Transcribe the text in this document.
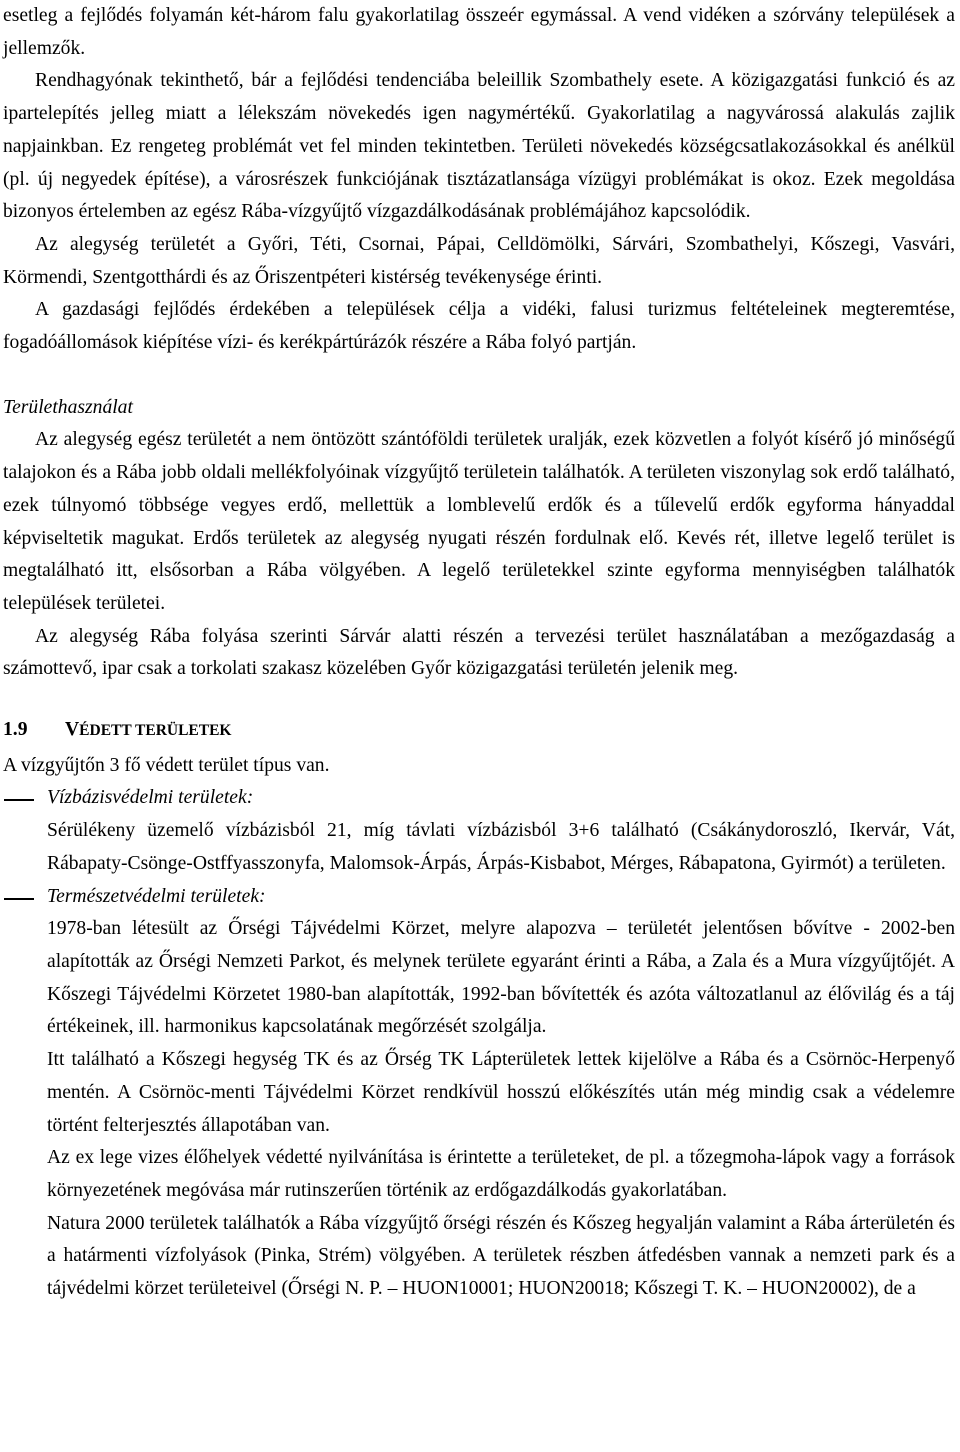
esetleg a fejlődés folyamán két-három falu gyakorlatilag összeér egymással. A vend vidéken a szórvány települések a jellemzők.

Rendhagyónak tekinthető, bár a fejlődési tendenciába beleillik Szombathely esete. A közigazgatási funkció és az ipartelepítés jelleg miatt a lélekszám növekedés igen nagymértékű. Gyakorlatilag a nagyvárossá alakulás zajlik napjainkban. Ez rengeteg problémát vet fel minden tekintetben. Területi növekedés községcsatlakozásokkal és anélkül (pl. új negyedek építése), a városrészek funkciójának tisztázatlansága vízügyi problémákat is okoz. Ezek megoldása bizonyos értelemben az egész Rába-vízgyűjtő vízgazdálkodásának problémájához kapcsolódik.

Az alegység területét a Győri, Téti, Csornai, Pápai, Celldömölki, Sárvári, Szombathelyi, Kőszegi, Vasvári, Körmendi, Szentgotthárdi és az Őriszentpéteri kistérség tevékenysége érinti.

A gazdasági fejlődés érdekében a települések célja a vidéki, falusi turizmus feltételeinek megteremtése, fogadóállomások kiépítése vízi- és kerékpártúrázók részére a Rába folyó partján.

Területhasználat

Az alegység egész területét a nem öntözött szántóföldi területek uralják, ezek közvetlen a folyót kísérő jó minőségű talajokon és a Rába jobb oldali mellékfolyóinak vízgyűjtő területein találhatók. A területen viszonylag sok erdő található, ezek túlnyomó többsége vegyes erdő, mellettük a lomblevelű erdők és a tűlevelű erdők egyforma hányaddal képviseltetik magukat. Erdős területek az alegység nyugati részén fordulnak elő. Kevés rét, illetve legelő terület is megtalálható itt, elsősorban a Rába völgyében. A legelő területekkel szinte egyforma mennyiségben találhatók települések területei.

Az alegység Rába folyása szerinti Sárvár alatti részén a tervezési terület használatában a mezőgazdaság a számottevő, ipar csak a torkolati szakasz közelében Győr közigazgatási területén jelenik meg.

1.9 VÉDETT TERÜLETEK

A vízgyűjtőn 3 fő védett terület típus van.

Vízbázisvédelmi területek:

Sérülékeny üzemelő vízbázisból 21, míg távlati vízbázisból 3+6 található (Csákánydoroszló, Ikervár, Vát, Rábapaty-Csönge-Ostffyasszonyfa, Malomsok-Árpás, Árpás-Kisbabot, Mérges, Rábapatona, Gyirmót) a területen.

Természetvédelmi területek:

1978-ban létesült az Őrségi Tájvédelmi Körzet, melyre alapozva – területét jelentősen bővítve - 2002-ben alapították az Őrségi Nemzeti Parkot, és melynek területe egyaránt érinti a Rába, a Zala és a Mura vízgyűjtőjét. A Kőszegi Tájvédelmi Körzetet 1980-ban alapították, 1992-ban bővítették és azóta változatlanul az élővilág és a táj értékeinek, ill. harmonikus kapcsolatának megőrzését szolgálja.

Itt található a Kőszegi hegység TK és az Őrség TK Lápterületek lettek kijelölve a Rába és a Csörnöc-Herpenyő mentén. A Csörnöc-menti Tájvédelmi Körzet rendkívül hosszú előkészítés után még mindig csak a védelemre történt felterjesztés állapotában van.

Az ex lege vizes élőhelyek védetté nyilvánítása is érintette a területeket, de pl. a tőzegmoha-lápok vagy a források környezetének megóvása már rutinszerűen történik az erdőgazdálkodás gyakorlatában.

Natura 2000 területek találhatók a Rába vízgyűjtő őrségi részén és Kőszeg hegyalján valamint a Rába árterületén és a határmenti vízfolyások (Pinka, Strém) völgyében. A területek részben átfedésben vannak a nemzeti park és a tájvédelmi körzet területeivel (Őrségi N. P. – HUON10001; HUON20018; Kőszegi T. K. – HUON20002), de a
